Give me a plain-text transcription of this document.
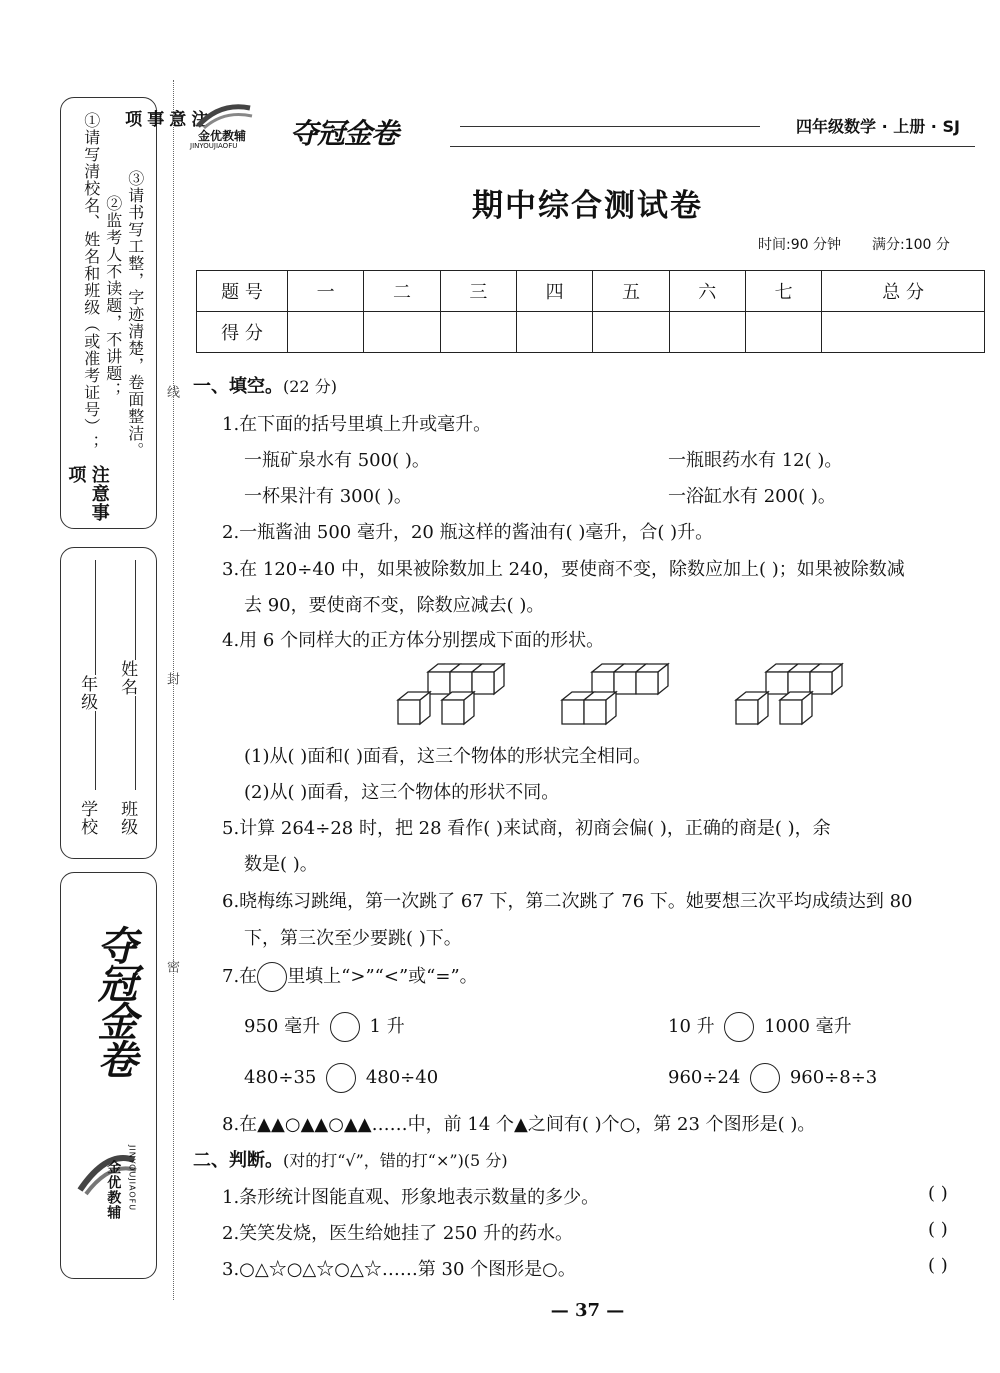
注意
①请写清校名、姓名和班级（或准考证号）； ②监考人不读题，不讲题； ③请书写工整，字迹清楚，卷面整洁。
注意事项
学校
年级
班级
姓名
夺冠金卷
金优教辅 JINYOUJIAOFU
线
封
密
金优教辅
JINYOUJIAOFU 夺冠金卷	四年级数学 · 上册 · SJ
期中综合测试卷
时间:90 分钟 满分:100 分
题 号	一	二	三	四	五	六	七	总 分
得 分								
一、填空。(22 分)
1.在下面的括号里填上升或毫升。
一瓶矿泉水有 500( )。	一瓶眼药水有 12( )。
一杯果汁有 300( )。	一浴缸水有 200( )。
2.一瓶酱油 500 毫升，20 瓶这样的酱油有( )毫升，合( )升。
3.在 120÷40 中，如果被除数加上 240，要使商不变，除数应加上( )；如果被除数减
去 90，要使商不变，除数应减去( )。
4.用 6 个同样大的正方体分别摆成下面的形状。
(1)从( )面和( )面看，这三个物体的形状完全相同。
(2)从( )面看，这三个物体的形状不同。
5.计算 264÷28 时，把 28 看作( )来试商，初商会偏( )，正确的商是( )，余
数是( )。
6.晓梅练习跳绳，第一次跳了 67 下，第二次跳了 76 下。她要想三次平均成绩达到 80
下，第三次至少要跳( )下。
7.在 里填上“>”“<”或“=”。
950 毫升	1 升	10 升	1000 毫升
480÷35	480÷40	960÷24	960÷8÷3
8.在▲▲○▲▲○▲▲……中，前 14 个▲之间有( )个○，第 23 个图形是( )。
二、判断。(对的打“√”，错的打“×”)(5 分)
1.条形统计图能直观、形象地表示数量的多少。	( )
2.笑笑发烧，医生给她挂了 250 升的药水。	( )
3.○△☆○△☆○△☆……第 30 个图形是○。	( )
— 37 —
